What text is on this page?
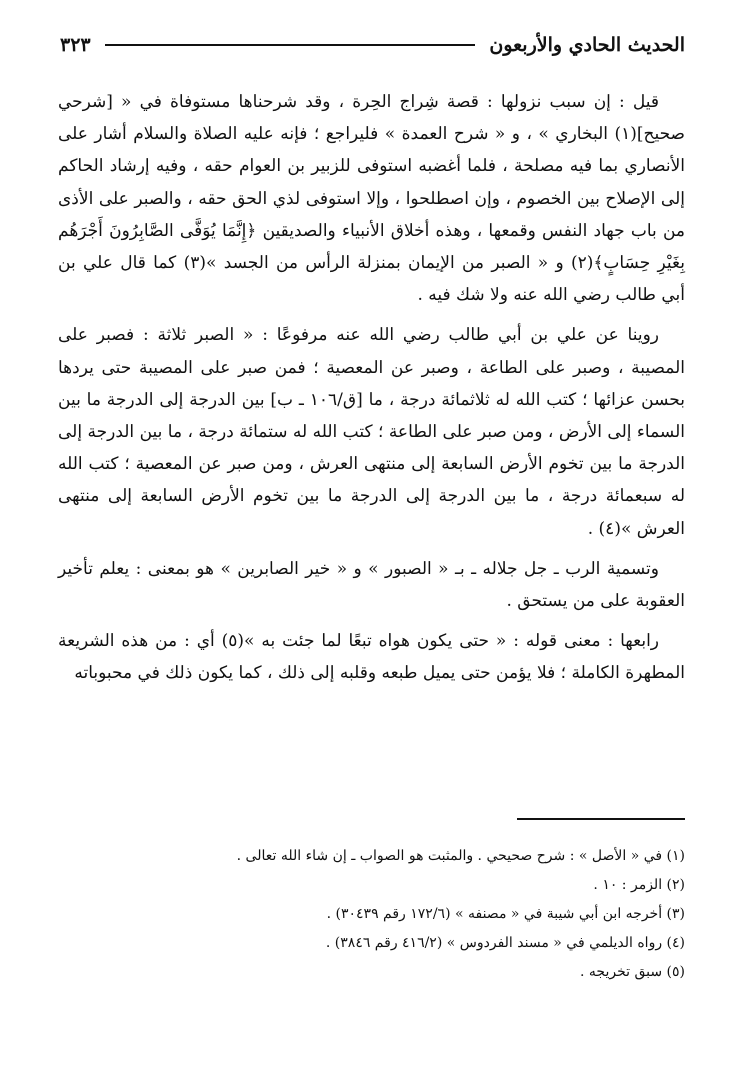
الحديث الحادي والأربعون
٣٢٣

قيل : إن سبب نزولها : قصة شِراج الحِرة ، وقد شرحناها مستوفاة في « [شرحي صحيح](١) البخاري » ، و « شرح العمدة » فليراجع ؛ فإنه عليه الصلاة والسلام أشار على الأنصاري بما فيه مصلحة ، فلما أغضبه استوفى للزبير بن العوام حقه ، وفيه إرشاد الحاكم إلى الإصلاح بين الخصوم ، وإن اصطلحوا ، وإلا استوفى لذي الحق حقه ، والصبر على الأذى من باب جهاد النفس وقمعها ، وهذه أخلاق الأنبياء والصديقين ﴿إِنَّمَا يُوَفَّى الصَّابِرُونَ أَجْرَهُم بِغَيْرِ حِسَابٍ﴾(٢) و « الصبر من الإيمان بمنزلة الرأس من الجسد »(٣) كما قال علي بن أبي طالب رضي الله عنه ولا شك فيه .

روينا عن علي بن أبي طالب رضي الله عنه مرفوعًا : « الصبر ثلاثة : فصبر على المصيبة ، وصبر على الطاعة ، وصبر عن المعصية ؛ فمن صبر على المصيبة حتى يردها بحسن عزائها ؛ كتب الله له ثلاثمائة درجة ، ما [ق/١٠٦ ـ ب] بين الدرجة إلى الدرجة ما بين السماء إلى الأرض ، ومن صبر على الطاعة ؛ كتب الله له ستمائة درجة ، ما بين الدرجة إلى الدرجة ما بين تخوم الأرض السابعة إلى منتهى العرش ، ومن صبر عن المعصية ؛ كتب الله له سبعمائة درجة ، ما بين الدرجة إلى الدرجة ما بين تخوم الأرض السابعة إلى منتهى العرش »(٤) .

وتسمية الرب ـ جل جلاله ـ بـ « الصبور » و « خير الصابرين » هو بمعنى : يعلم تأخير العقوبة على من يستحق .

رابعها : معنى قوله : « حتى يكون هواه تبعًا لما جئت به »(٥) أي : من هذه الشريعة المطهرة الكاملة ؛ فلا يؤمن حتى يميل طبعه وقلبه إلى ذلك ، كما يكون ذلك في محبوباته

(١) في « الأصل » : شرح صحيحي . والمثبت هو الصواب ـ إن شاء الله تعالى .
(٢) الزمر : ١٠ .
(٣) أخرجه ابن أبي شيبة في « مصنفه » (١٧٢/٦ رقم ٣٠٤٣٩) .
(٤) رواه الديلمي في « مسند الفردوس » (٤١٦/٢ رقم ٣٨٤٦) .
(٥) سبق تخريجه .
